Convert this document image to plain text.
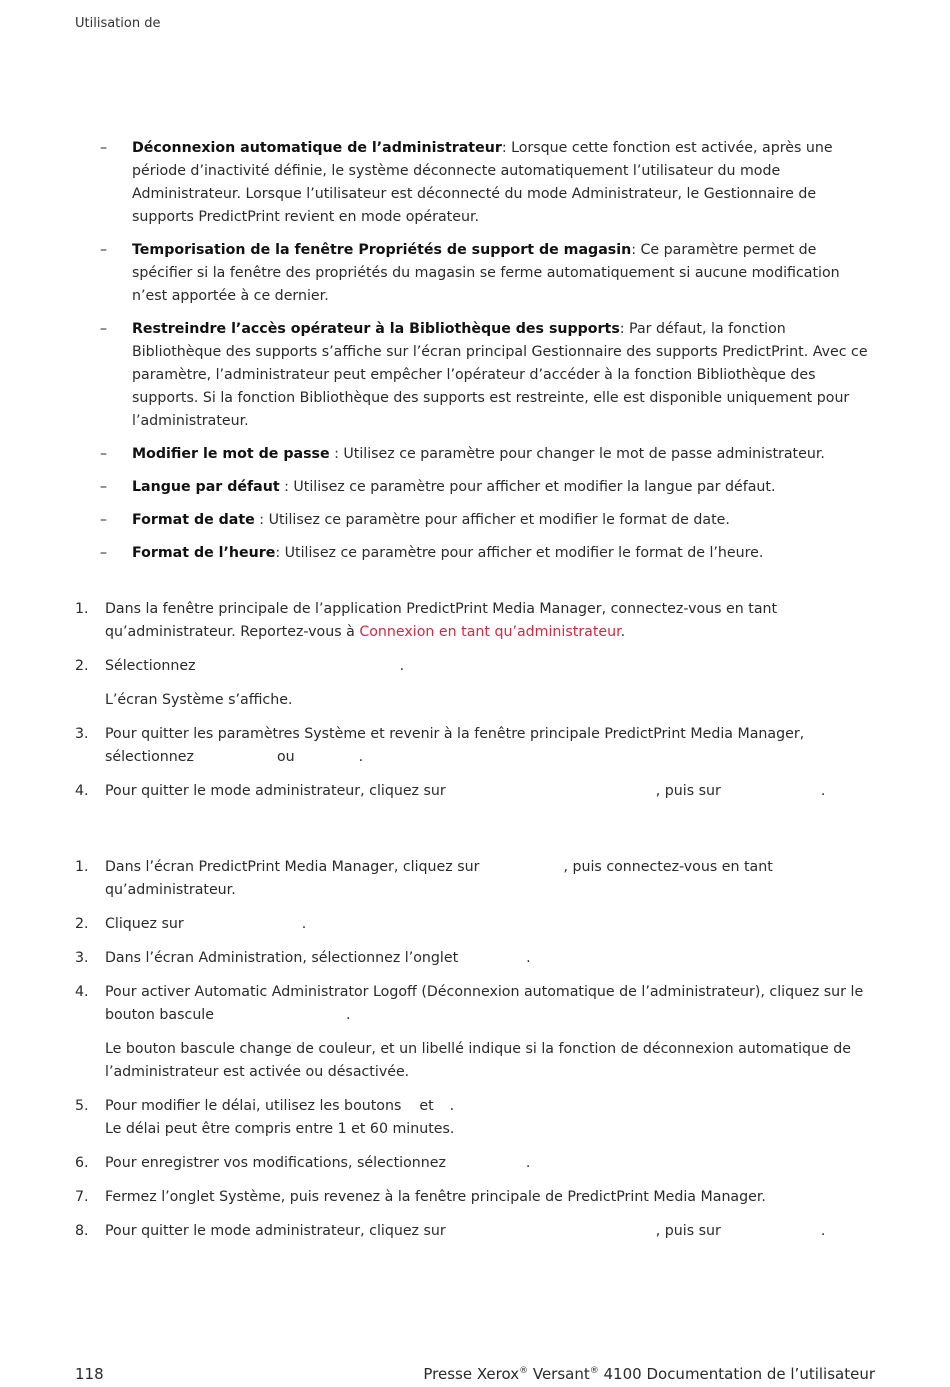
Utilisation de
– Déconnexion automatique de l’administrateur: Lorsque cette fonction est activée, après une période d’inactivité définie, le système déconnecte automatiquement l’utilisateur du mode Administrateur. Lorsque l’utilisateur est déconnecté du mode Administrateur, le Gestionnaire de supports PredictPrint revient en mode opérateur.
– Temporisation de la fenêtre Propriétés de support de magasin: Ce paramètre permet de spécifier si la fenêtre des propriétés du magasin se ferme automatiquement si aucune modification n’est apportée à ce dernier.
– Restreindre l’accès opérateur à la Bibliothèque des supports: Par défaut, la fonction Bibliothèque des supports s’affiche sur l’écran principal Gestionnaire des supports PredictPrint. Avec ce paramètre, l’administrateur peut empêcher l’opérateur d’accéder à la fonction Bibliothèque des supports. Si la fonction Bibliothèque des supports est restreinte, elle est disponible uniquement pour l’administrateur.
– Modifier le mot de passe : Utilisez ce paramètre pour changer le mot de passe administrateur.
– Langue par défaut : Utilisez ce paramètre pour afficher et modifier la langue par défaut.
– Format de date : Utilisez ce paramètre pour afficher et modifier le format de date.
– Format de l’heure: Utilisez ce paramètre pour afficher et modifier le format de l’heure.
1. Dans la fenêtre principale de l’application PredictPrint Media Manager, connectez-vous en tant qu’administrateur. Reportez-vous à Connexion en tant qu’administrateur.
2. Sélectionnez	.
L’écran Système s’affiche.
3. Pour quitter les paramètres Système et revenir à la fenêtre principale PredictPrint Media Manager, sélectionnez	ou	.
4. Pour quitter le mode administrateur, cliquez sur	, puis sur	.
1. Dans l’écran PredictPrint Media Manager, cliquez sur	, puis connectez-vous en tant qu’administrateur.
2. Cliquez sur	.
3. Dans l’écran Administration, sélectionnez l’onglet	.
4. Pour activer Automatic Administrator Logoff (Déconnexion automatique de l’administrateur), cliquez sur le bouton bascule	.
Le bouton bascule change de couleur, et un libellé indique si la fonction de déconnexion automatique de l’administrateur est activée ou désactivée.
5. Pour modifier le délai, utilisez les boutons et .
Le délai peut être compris entre 1 et 60 minutes.
6. Pour enregistrer vos modifications, sélectionnez	.
7. Fermez l’onglet Système, puis revenez à la fenêtre principale de PredictPrint Media Manager.
8. Pour quitter le mode administrateur, cliquez sur	, puis sur	.
118	Presse Xerox® Versant® 4100 Documentation de l’utilisateur
